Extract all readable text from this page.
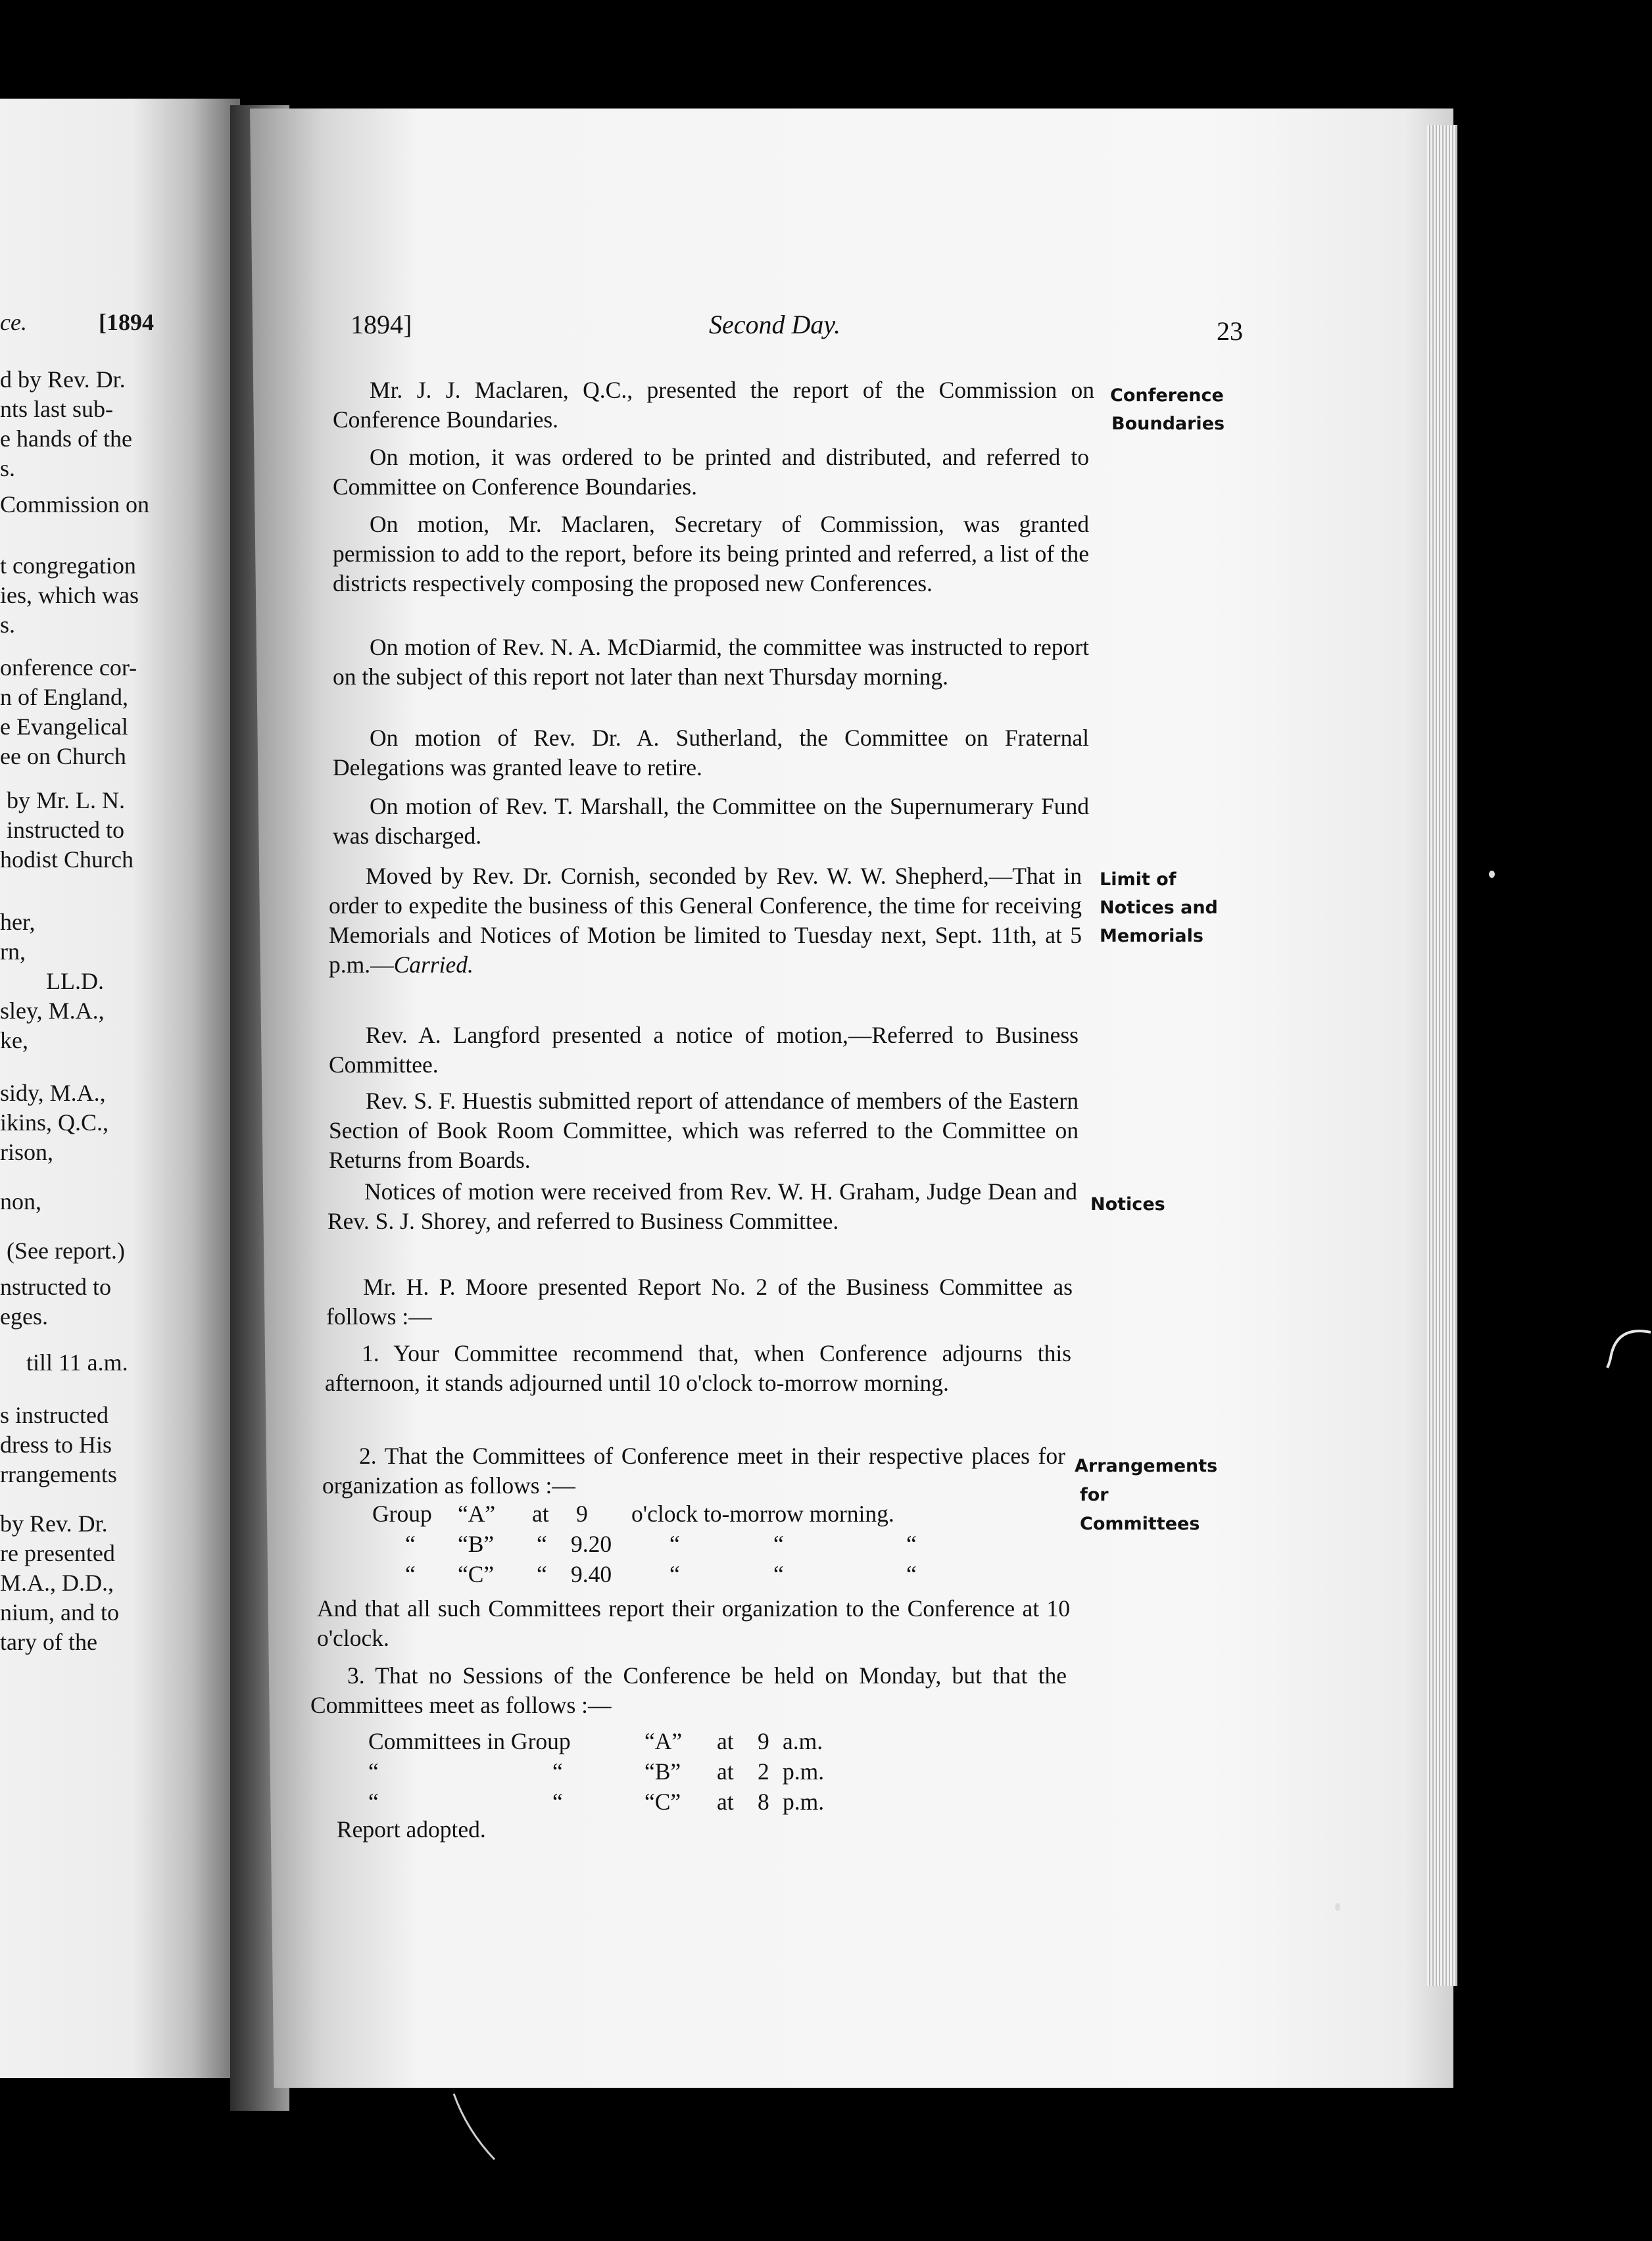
ce.	[1894
d by Rev. Dr.
nts last sub-
e hands of the
s.
Commission on
t congregation
ies, which was
s.
onference cor-
n of England,
e Evangelical
ee on Church
by Mr. L. N.
instructed to
hodist Church
her,
rn,
LL.D.
sley, M.A.,
ke,
sidy, M.A.,
ikins, Q.C.,
rison,
non,
(See report.)
nstructed to
eges.
till 11 a.m.
s instructed
dress to His
rrangements
by Rev. Dr.
re presented
M.A., D.D.,
nium, and to
tary of the
1894]	Second Day.	23
Conference
Boundaries
Limit of
Notices and
Memorials
Notices
Arrangements
for
Committees

Mr. J. J. Maclaren, Q.C., presented the report of the Commission on Conference Boundaries.

On motion, it was ordered to be printed and distributed, and referred to Committee on Conference Boundaries.

On motion, Mr. Maclaren, Secretary of Commission, was granted permission to add to the report, before its being printed and referred, a list of the districts respectively composing the proposed new Conferences.

On motion of Rev. N. A. McDiarmid, the committee was instructed to report on the subject of this report not later than next Thursday morning.

On motion of Rev. Dr. A. Sutherland, the Committee on Fraternal Delegations was granted leave to retire.

On motion of Rev. T. Marshall, the Committee on the Supernumerary Fund was discharged.

Moved by Rev. Dr. Cornish, seconded by Rev. W. W. Shepherd,—That in order to expedite the business of this General Conference, the time for receiving Memorials and Notices of Motion be limited to Tuesday next, Sept. 11th, at 5 p.m.—Carried.

Rev. A. Langford presented a notice of motion,—Referred to Business Committee.

Rev. S. F. Huestis submitted report of attendance of members of the Eastern Section of Book Room Committee, which was referred to the Committee on Returns from Boards.

Notices of motion were received from Rev. W. H. Graham, Judge Dean and Rev. S. J. Shorey, and referred to Business Committee.

Mr. H. P. Moore presented Report No. 2 of the Business Committee as follows :—

1. Your Committee recommend that, when Conference adjourns this afternoon, it stands adjourned until 10 o'clock to-morrow morning.

2. That the Committees of Conference meet in their respective places for organization as follows :—

Group “A” at 9 o'clock to-morrow morning.
“ “B” “ 9.20 “	“	“
“ “C” “ 9.40 “	“	“

And that all such Committees report their organization to the Conference at 10 o'clock.

3. That no Sessions of the Conference be held on Monday, but that the Committees meet as follows :—

Committees in Group	“A” at 9 a.m.
“	“	“B” at 2 p.m.
“	“	“C” at 8 p.m.

Report adopted.
